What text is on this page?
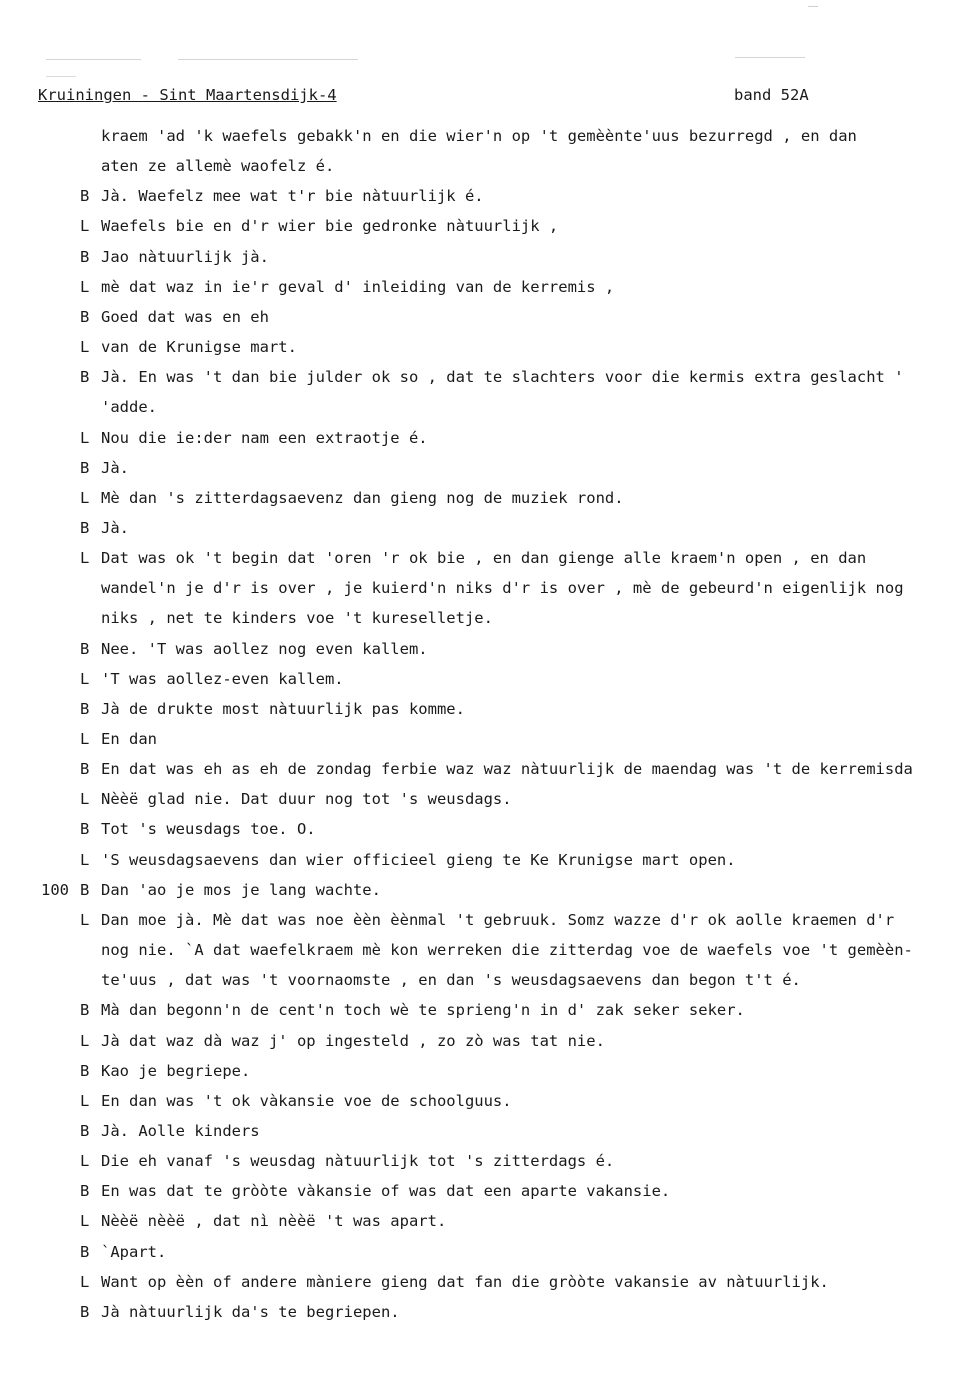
Kruiningen - Sint Maartensdijk-4	band 52A
kraem 'ad 'k waefels gebakk'n en die wier'n op 't gemèènte'uus bezurregd , en dan
aten ze allemè waofelz é.
B Jà. Waefelz mee wat t'r bie nàtuurlijk é.
L Waefels bie en d'r wier bie gedronke nàtuurlijk ,
B Jao nàtuurlijk jà.
L mè dat waz in ie'r geval d' inleiding van de kerremis ,
B Goed dat was en eh
L van de Krunigse mart.
B Jà. En was 't dan bie julder ok so , dat te slachters voor die kermis extra geslacht '
'adde.
L Nou die ie:der nam een extraotje é.
B Jà.
L Mè dan 's zitterdagsaevenz dan gieng nog de muziek rond.
B Jà.
L Dat was ok 't begin dat 'oren 'r ok bie , en dan gienge alle kraem'n open , en dan
wandel'n je d'r is over , je kuierd'n niks d'r is over , mè de gebeurd'n eigenlijk nog
niks , net te kinders voe 't kureselletje.
B Nee. 'T was aollez nog even kallem.
L 'T was aollez-even kallem.
B Jà de drukte most nàtuurlijk pas komme.
L En dan
B En dat was eh as eh de zondag ferbie waz waz nàtuurlijk de maendag was 't de kerremisda
L Nèèë glad nie. Dat duur nog tot 's weusdags.
B Tot 's weusdags toe. O.
L 'S weusdagsaevens dan wier officieel gieng te Ke Krunigse mart open.
100 B Dan 'ao je mos je lang wachte.
L Dan moe jà. Mè dat was noe èèn èènmal 't gebruuk. Somz wazze d'r ok aolle kraemen d'r
nog nie. `A dat waefelkraem mè kon werreken die zitterdag voe de waefels voe 't gemèèn-
te'uus , dat was 't voornaomste , en dan 's weusdagsaevens dan begon t't é.
B Mà dan begonn'n de cent'n toch wè te sprieng'n in d' zak seker seker.
L Jà dat waz dà waz j' op ingesteld , zo zò was tat nie.
B Kao je begriepe.
L En dan was 't ok vàkansie voe de schoolguus.
B Jà. Aolle kinders
L Die eh vanaf 's weusdag nàtuurlijk tot 's zitterdags é.
B En was dat te gròòte vàkansie of was dat een aparte vakansie.
L Nèèë nèèë , dat nì nèèë 't was apart.
B `Apart.
L Want op èèn of andere màniere gieng dat fan die gròòte vakansie av nàtuurlijk.
B Jà nàtuurlijk da's te begriepen.
